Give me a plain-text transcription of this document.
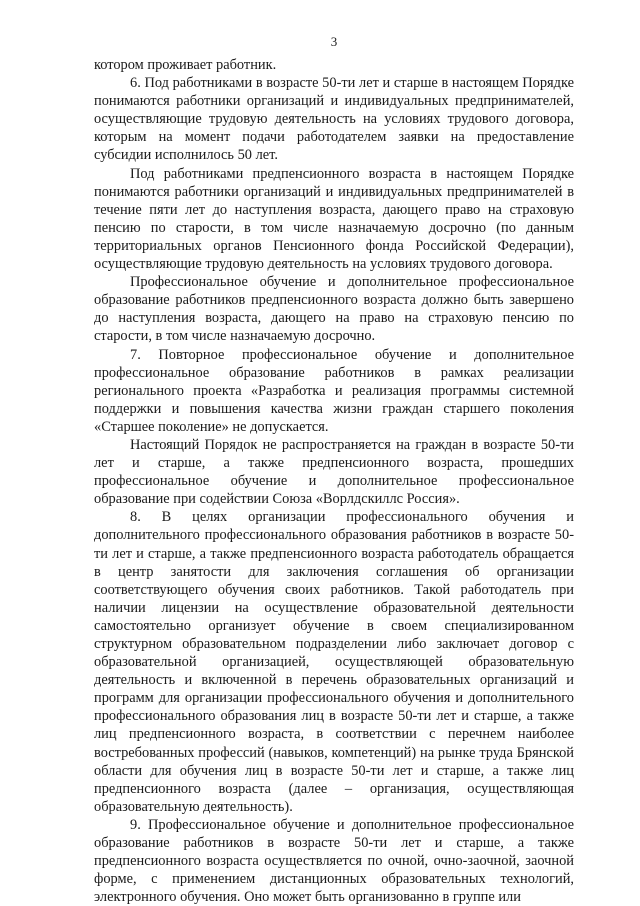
3

котором проживает работник.

6. Под работниками в возрасте 50-ти лет и старше в настоящем Порядке понимаются работники организаций и индивидуальных предпринимателей, осуществляющие трудовую деятельность на условиях трудового договора, которым на момент подачи работодателем заявки на предоставление субсидии исполнилось 50 лет.

Под работниками предпенсионного возраста в настоящем Порядке понимаются работники организаций и индивидуальных предпринимателей в течение пяти лет до наступления возраста, дающего право на страховую пенсию по старости, в том числе назначаемую досрочно (по данным территориальных органов Пенсионного фонда Российской Федерации), осуществляющие трудовую деятельность на условиях трудового договора.

Профессиональное обучение и дополнительное профессиональное образование работников предпенсионного возраста должно быть завершено до наступления возраста, дающего на право на страховую пенсию по старости, в том числе назначаемую досрочно.

7. Повторное профессиональное обучение и дополнительное профессиональное образование работников в рамках реализации регионального проекта «Разработка и реализация программы системной поддержки и повышения качества жизни граждан старшего поколения «Старшее поколение» не допускается.

Настоящий Порядок не распространяется на граждан в возрасте 50-ти лет и старше, а также предпенсионного возраста, прошедших профессиональное обучение и дополнительное профессиональное образование при содействии Союза «Ворлдскиллс Россия».

8. В целях организации профессионального обучения и дополнительного профессионального образования работников в возрасте 50-ти лет и старше, а также предпенсионного возраста работодатель обращается в центр занятости для заключения соглашения об организации соответствующего обучения своих работников. Такой работодатель при наличии лицензии на осуществление образовательной деятельности самостоятельно организует обучение в своем специализированном структурном образовательном подразделении либо заключает договор с образовательной организацией, осуществляющей образовательную деятельность и включенной в перечень образовательных организаций и программ для организации профессионального обучения и дополнительного профессионального образования лиц в возрасте 50-ти лет и старше, а также лиц предпенсионного возраста, в соответствии с перечнем наиболее востребованных профессий (навыков, компетенций) на рынке труда Брянской области для обучения лиц в возрасте 50-ти лет и старше, а также лиц предпенсионного возраста (далее – организация, осуществляющая образовательную деятельность).

9. Профессиональное обучение и дополнительное профессиональное образование работников в возрасте 50-ти лет и старше, а также предпенсионного возраста осуществляется по очной, очно-заочной, заочной форме, с применением дистанционных образовательных технологий, электронного обучения. Оно может быть организованно в группе или
